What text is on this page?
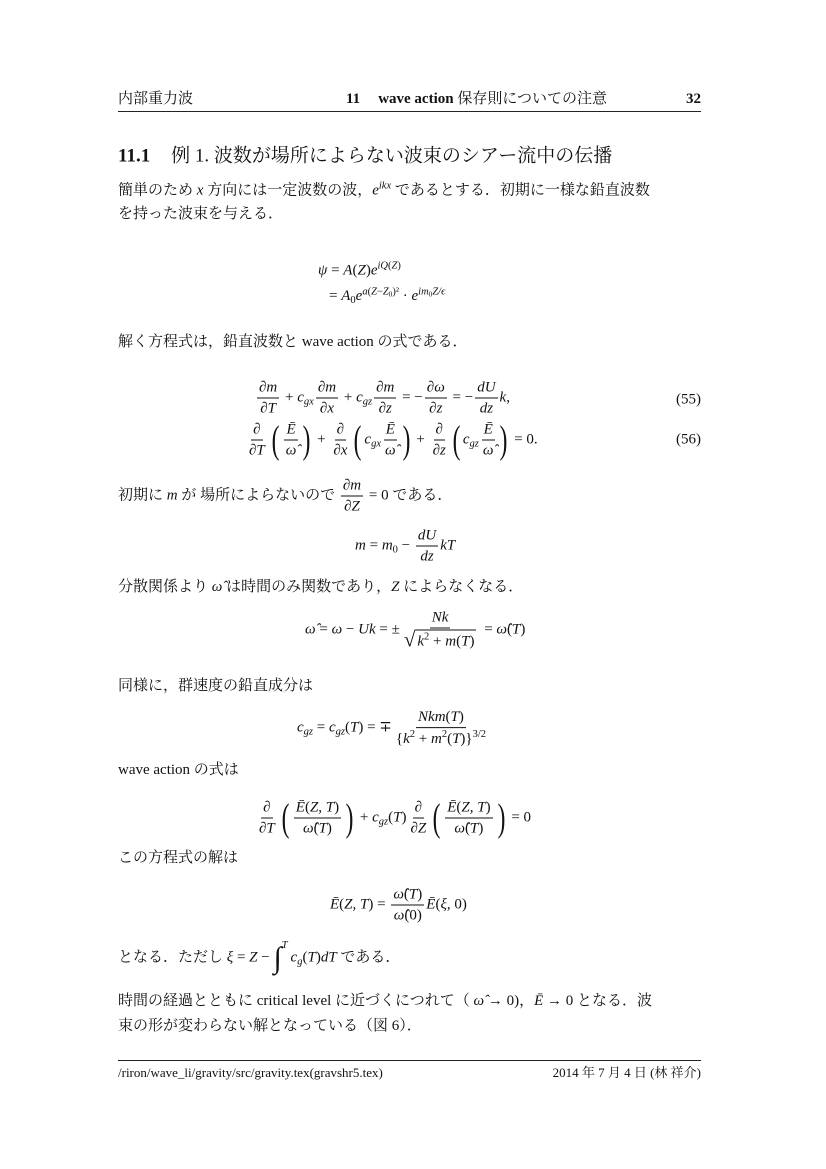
内部重力波	11 wave action 保存則についての注意	32
11.1 例 1. 波数が場所によらない波束のシアー流中の伝播
簡単のため x 方向には一定波数の波，$e^{ikx}$ であるとする．初期に一様な鉛直波数
を持った波束を与える．
$\psi = A(Z)e^{iQ(Z)}$
= $A_0e^{a(Z-Z_0)^2} \cdot e^{im_0Z/\epsilon}$
解く方程式は，鉛直波数と wave action の式である．
$\frac{\partial m}{\partial T} + c_{gx} \frac{\partial m}{\partial x} + c_{gz} \frac{\partial m}{\partial z}$ = − $\frac{\partial\omega}{\partial z}$ = − $\frac{dU}{dz} k$,	(55)
$\frac{\partial}{\partial T}$ ( $\frac{Ē}{\omegâ}$ ) + $\frac{\partial}{\partial x}$ ( $c_{gx} \frac{Ē}{\omegâ}$ ) + $\frac{\partial}{\partial z}$ ( $c_{gz} \frac{Ē}{\omegâ}$ ) = 0.	(56)
初期に m が 場所によらないので $\frac{\partial m}{\partial Z} = 0$ である．
$m = m_0 - \frac{dU}{dz}$ kT
分散関係より ω̂ は時間のみ関数であり，Z によらなくなる．
ω̂ = ω − Uk = ± $\frac{Nk}{√ k^2 + m(T)}$ = ω̂(T)
同様に，群速度の鉛直成分は
$c_{gz} = c_{gz}(T)$ = ∓ $\frac{\text{Nkm(T)}}{\{k^2 + m^2(T)\}^{3/2}}$
wave action の式は
$\frac{\partial}{\partial T}$ ( $\frac{Ē(Z, T)}{\omegâ(T)}$ ) + $c_{gz}(T) \frac{\partial}{\partial Z}$ ( $\frac{Ē(Z, T)}{\omegâ(T)}$ ) = 0
この方程式の解は
Ē(Z, $T) = \frac{\omegâ(T)}{\omegâ(0)}$ Ē(ξ, 0)
となる．ただし $\xi = Z - \int^Tc_g(T)dT$ である．
時間の経過とともに critical level に近づくにつれて（ ω̂ → 0)，Ē → 0 となる．波
束の形が変わらない解となっている（図 6）．
/riron/wave_li/gravity/src/gravity.tex(gravshr5.tex)	2014 年 7 月 4 日 (林 祥介)
